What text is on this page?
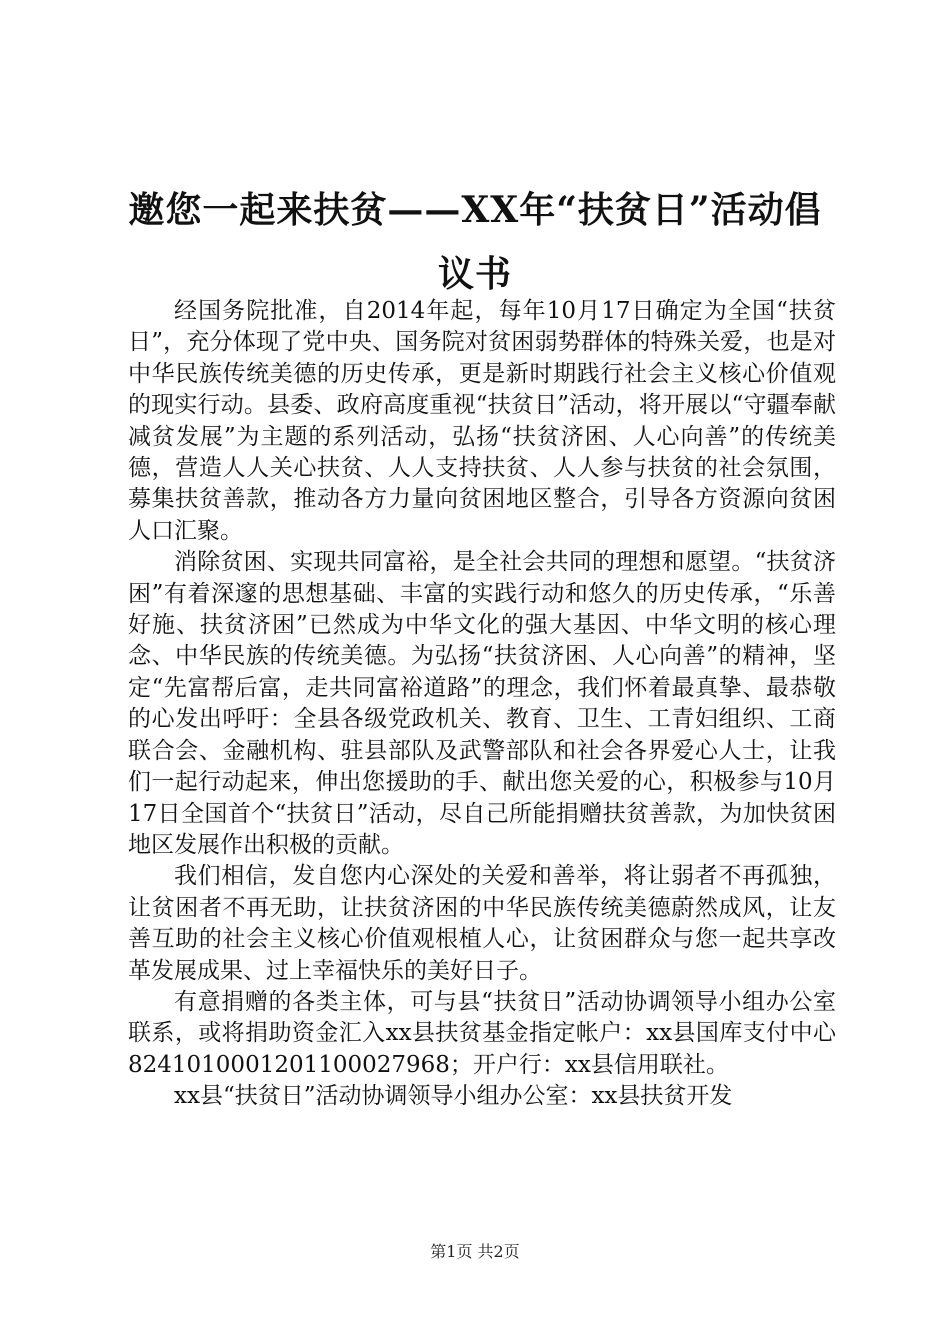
邀您一起来扶贫——XX年“扶贫日”活动倡议书

经国务院批准，自2014年起，每年10月17日确定为全国“扶贫日”，充分体现了党中央、国务院对贫困弱势群体的特殊关爱，也是对中华民族传统美德的历史传承，更是新时期践行社会主义核心价值观的现实行动。县委、政府高度重视“扶贫日”活动，将开展以“守疆奉献减贫发展”为主题的系列活动，弘扬“扶贫济困、人心向善”的传统美德，营造人人关心扶贫、人人支持扶贫、人人参与扶贫的社会氛围，募集扶贫善款，推动各方力量向贫困地区整合，引导各方资源向贫困人口汇聚。

消除贫困、实现共同富裕，是全社会共同的理想和愿望。“扶贫济困”有着深邃的思想基础、丰富的实践行动和悠久的历史传承，“乐善好施、扶贫济困”已然成为中华文化的强大基因、中华文明的核心理念、中华民族的传统美德。为弘扬“扶贫济困、人心向善”的精神，坚定“先富帮后富，走共同富裕道路”的理念，我们怀着最真挚、最恭敬的心发出呼吁：全县各级党政机关、教育、卫生、工青妇组织、工商联合会、金融机构、驻县部队及武警部队和社会各界爱心人士，让我们一起行动起来，伸出您援助的手、献出您关爱的心，积极参与10月17日全国首个“扶贫日”活动，尽自己所能捐赠扶贫善款，为加快贫困地区发展作出积极的贡献。

我们相信，发自您内心深处的关爱和善举，将让弱者不再孤独，让贫困者不再无助，让扶贫济困的中华民族传统美德蔚然成风，让友善互助的社会主义核心价值观根植人心，让贫困群众与您一起共享改革发展成果、过上幸福快乐的美好日子。

有意捐赠的各类主体，可与县“扶贫日”活动协调领导小组办公室联系，或将捐助资金汇入xx县扶贫基金指定帐户：xx县国库支付中心82410100012011000279​68；开户行：xx县信用联社。

xx县“扶贫日”活动协调领导小组办公室：xx县扶贫开发

第1页 共2页
